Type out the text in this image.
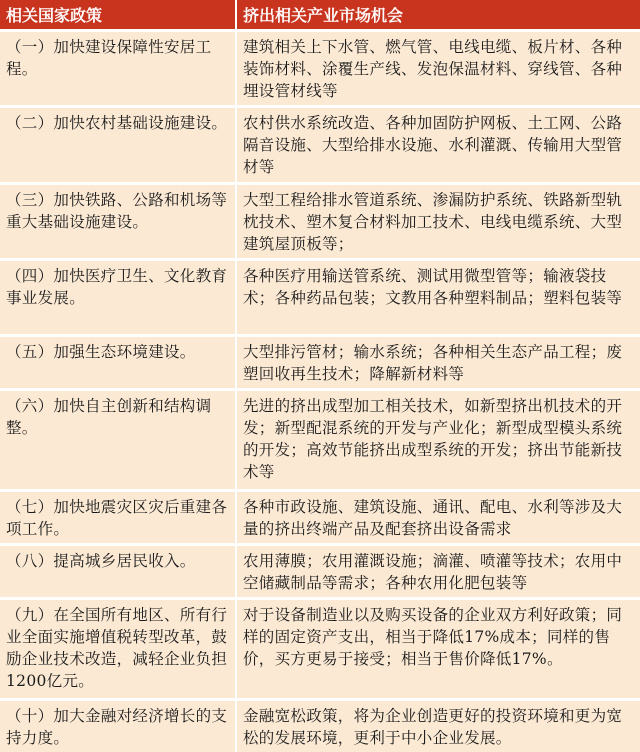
相关国家政策	挤出相关产业市场机会
（一）加快建设保障性安居工程。	建筑相关上下水管、燃气管、电线电缆、板片材、各种装饰材料、涂覆生产线、发泡保温材料、穿线管、各种埋设管材线等
（二）加快农村基础设施建设。	农村供水系统改造、各种加固防护网板、土工网、公路隔音设施、大型给排水设施、水利灌溉、传输用大型管材等
（三）加快铁路、公路和机场等重大基础设施建设。	大型工程给排水管道系统、渗漏防护系统、铁路新型轨枕技术、塑木复合材料加工技术、电线电缆系统、大型建筑屋顶板等；
（四）加快医疗卫生、文化教育事业发展。	各种医疗用输送管系统、测试用微型管等；输液袋技术；各种药品包装；文教用各种塑料制品；塑料包装等
（五）加强生态环境建设。	大型排污管材；输水系统；各种相关生态产品工程；废塑回收再生技术；降解新材料等
（六）加快自主创新和结构调整。	先进的挤出成型加工相关技术，如新型挤出机技术的开发；新型配混系统的开发与产业化；新型成型模头系统的开发；高效节能挤出成型系统的开发；挤出节能新技术等
（七）加快地震灾区灾后重建各项工作。	各种市政设施、建筑设施、通讯、配电、水利等涉及大量的挤出终端产品及配套挤出设备需求
（八）提高城乡居民收入。	农用薄膜；农用灌溉设施；滴灌、喷灌等技术；农用中空储藏制品等需求；各种农用化肥包装等
（九）在全国所有地区、所有行业全面实施增值税转型改革，鼓励企业技术改造，减轻企业负担1200亿元。	对于设备制造业以及购买设备的企业双方利好政策；同样的固定资产支出，相当于降低17%成本；同样的售价，买方更易于接受；相当于售价降低17%。
（十）加大金融对经济增长的支持力度。	金融宽松政策，将为企业创造更好的投资环境和更为宽松的发展环境，更利于中小企业发展。
